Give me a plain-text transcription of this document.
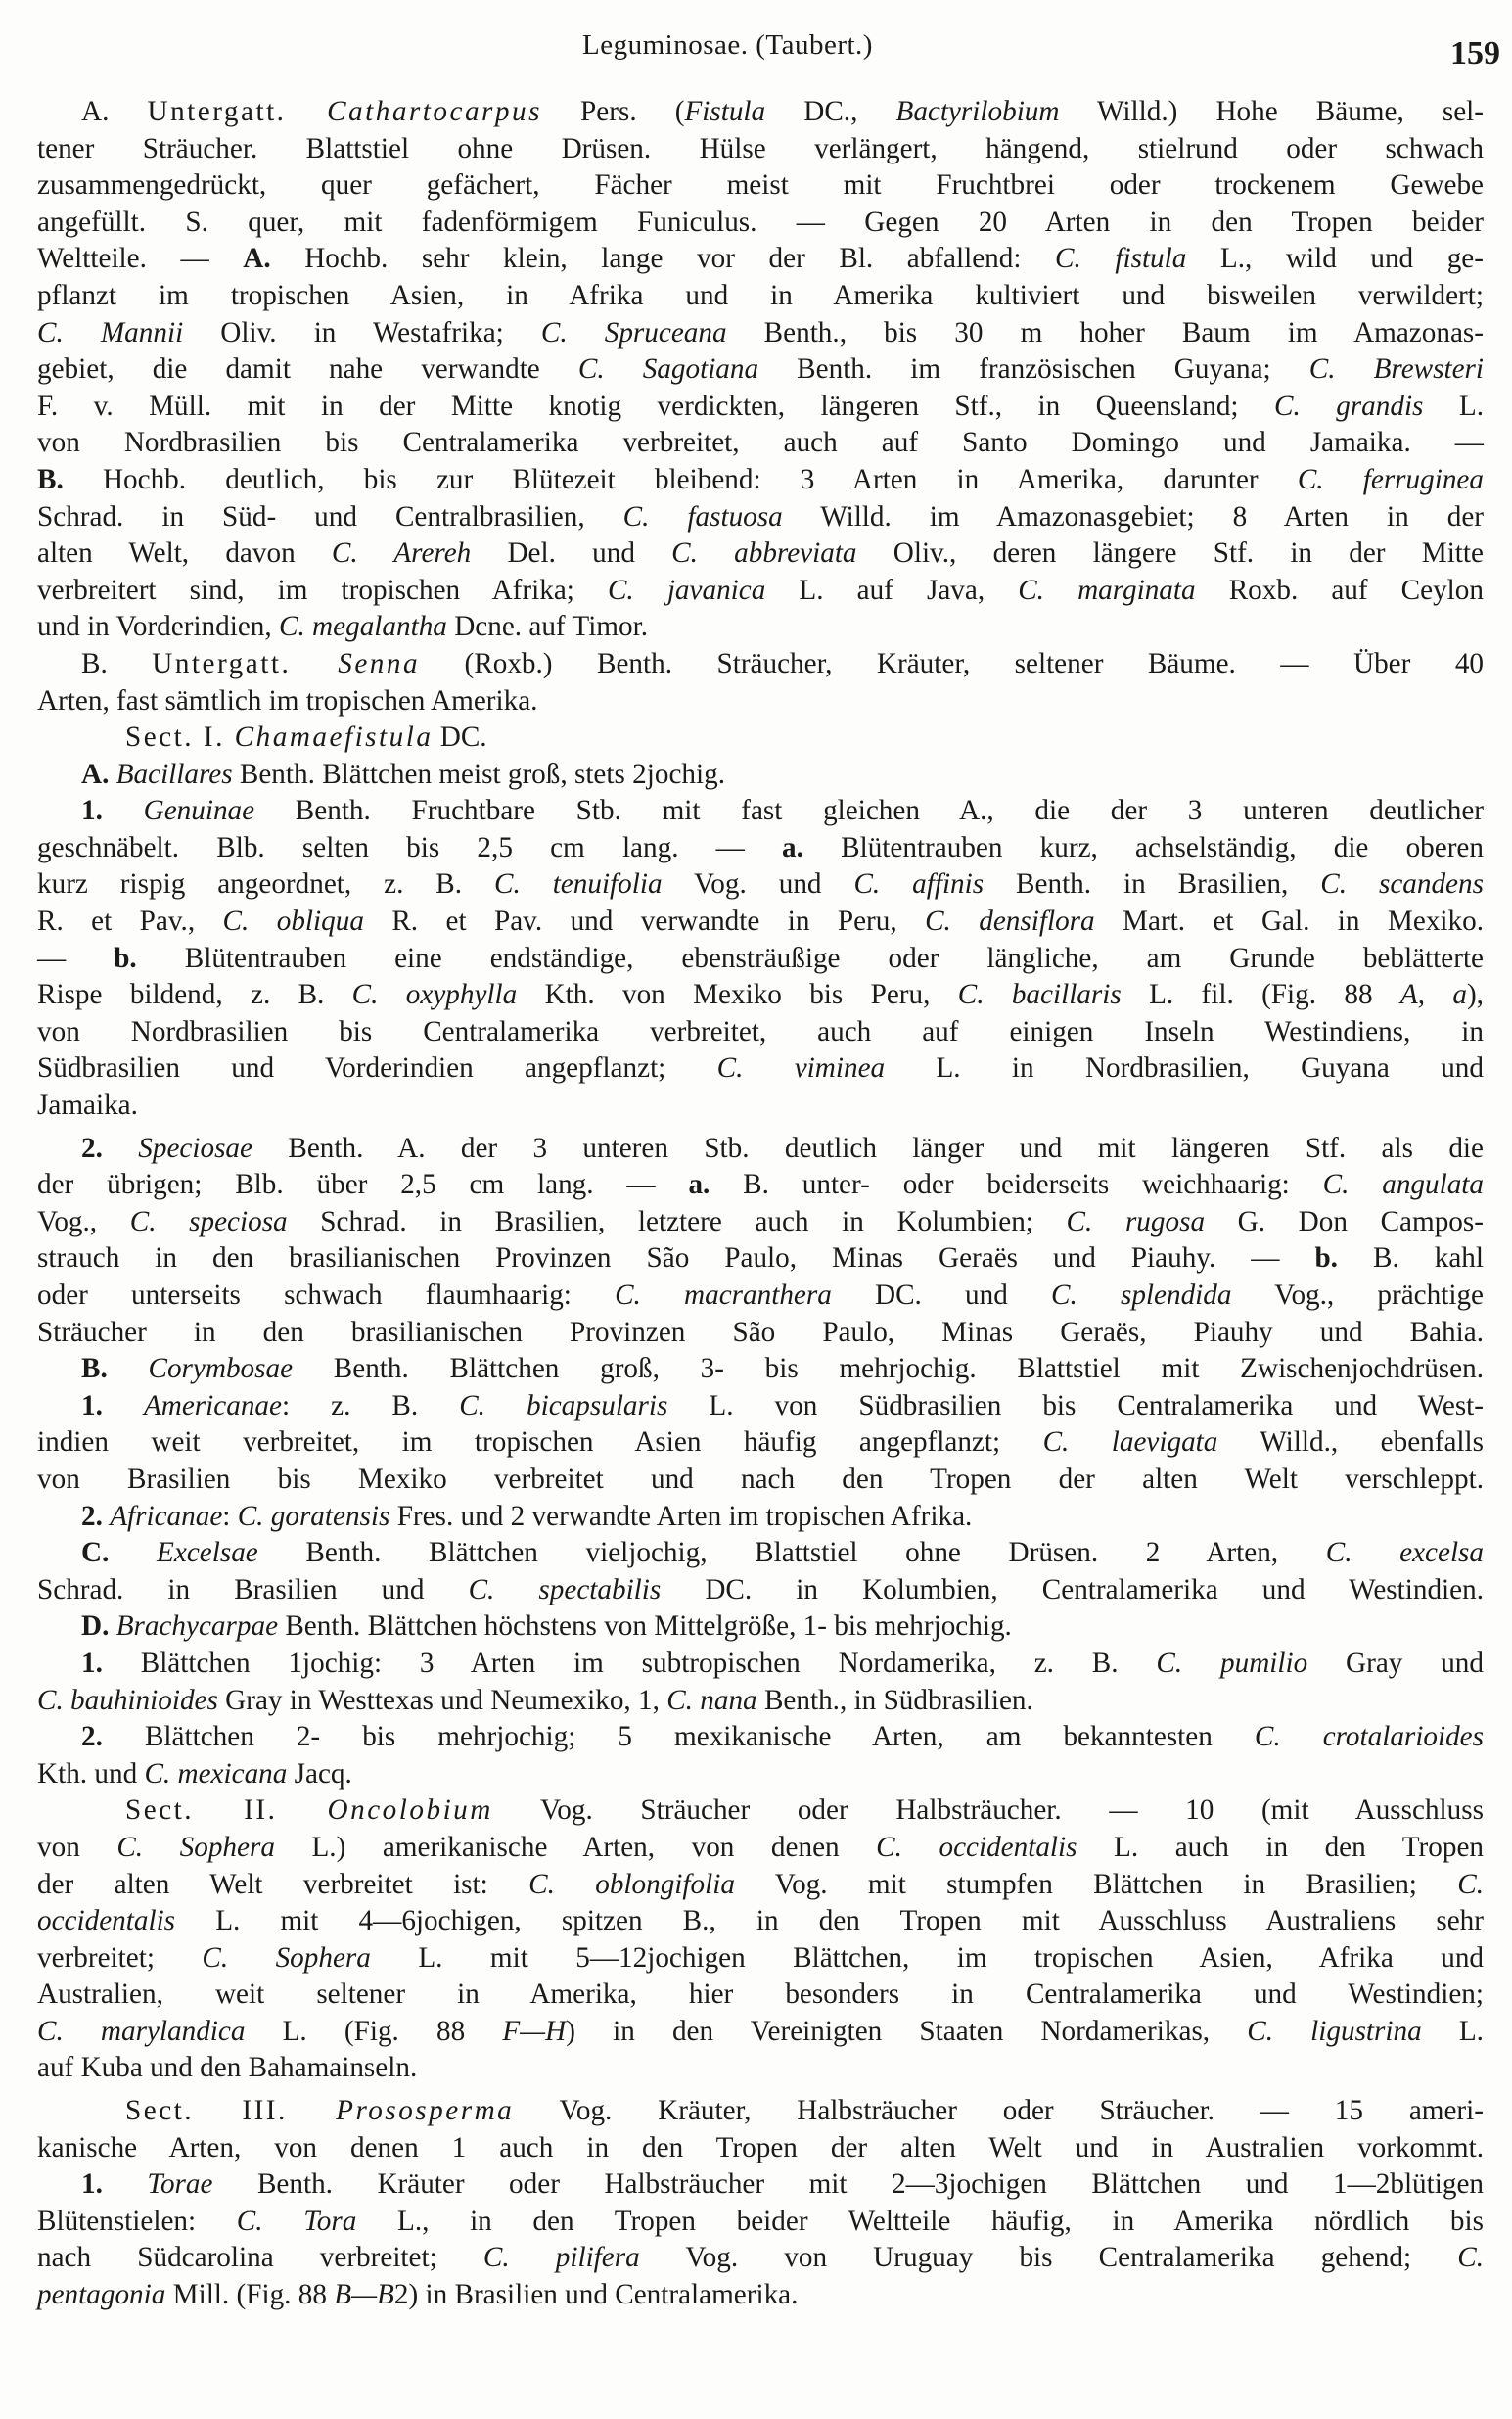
Leguminosae. (Taubert.)	159
A. Untergatt. Cathartocarpus Pers. (Fistula DC., Bactyrilobium Willd.) Hohe Bäume, sel-
tener Sträucher. Blattstiel ohne Drüsen. Hülse verlängert, hängend, stielrund oder schwach
zusammengedrückt, quer gefächert, Fächer meist mit Fruchtbrei oder trockenem Gewebe
angefüllt. S. quer, mit fadenförmigem Funiculus. — Gegen 20 Arten in den Tropen beider
Weltteile. — A. Hochb. sehr klein, lange vor der Bl. abfallend: C. fistula L., wild und ge-
pflanzt im tropischen Asien, in Afrika und in Amerika kultiviert und bisweilen verwildert;
C. Mannii Oliv. in Westafrika; C. Spruceana Benth., bis 30 m hoher Baum im Amazonas-
gebiet, die damit nahe verwandte C. Sagotiana Benth. im französischen Guyana; C. Brewsteri
F. v. Müll. mit in der Mitte knotig verdickten, längeren Stf., in Queensland; C. grandis L.
von Nordbrasilien bis Centralamerika verbreitet, auch auf Santo Domingo und Jamaika. —
B. Hochb. deutlich, bis zur Blütezeit bleibend: 3 Arten in Amerika, darunter C. ferruginea
Schrad. in Süd- und Centralbrasilien, C. fastuosa Willd. im Amazonasgebiet; 8 Arten in der
alten Welt, davon C. Arereh Del. und C. abbreviata Oliv., deren längere Stf. in der Mitte
verbreitert sind, im tropischen Afrika; C. javanica L. auf Java, C. marginata Roxb. auf Ceylon
und in Vorderindien, C. megalantha Dcne. auf Timor.
B. Untergatt. Senna (Roxb.) Benth. Sträucher, Kräuter, seltener Bäume. — Über 40
Arten, fast sämtlich im tropischen Amerika.
Sect. I. Chamaefistula DC.
A. Bacillares Benth. Blättchen meist groß, stets 2jochig.
1. Genuinae Benth. Fruchtbare Stb. mit fast gleichen A., die der 3 unteren deutlicher
geschnäbelt. Blb. selten bis 2,5 cm lang. — a. Blütentrauben kurz, achselständig, die oberen
kurz rispig angeordnet, z. B. C. tenuifolia Vog. und C. affinis Benth. in Brasilien, C. scandens
R. et Pav., C. obliqua R. et Pav. und verwandte in Peru, C. densiflora Mart. et Gal. in Mexiko.
— b. Blütentrauben eine endständige, ebensträußige oder längliche, am Grunde beblätterte
Rispe bildend, z. B. C. oxyphylla Kth. von Mexiko bis Peru, C. bacillaris L. fil. (Fig. 88 A, a),
von Nordbrasilien bis Centralamerika verbreitet, auch auf einigen Inseln Westindiens, in
Südbrasilien und Vorderindien angepflanzt; C. viminea L. in Nordbrasilien, Guyana und
Jamaika.
2. Speciosae Benth. A. der 3 unteren Stb. deutlich länger und mit längeren Stf. als die
der übrigen; Blb. über 2,5 cm lang. — a. B. unter- oder beiderseits weichhaarig: C. angulata
Vog., C. speciosa Schrad. in Brasilien, letztere auch in Kolumbien; C. rugosa G. Don Campos-
strauch in den brasilianischen Provinzen São Paulo, Minas Geraës und Piauhy. — b. B. kahl
oder unterseits schwach flaumhaarig: C. macranthera DC. und C. splendida Vog., prächtige
Sträucher in den brasilianischen Provinzen São Paulo, Minas Geraës, Piauhy und Bahia.
B. Corymbosae Benth. Blättchen groß, 3- bis mehrjochig. Blattstiel mit Zwischenjochdrüsen.
1. Americanae: z. B. C. bicapsularis L. von Südbrasilien bis Centralamerika und West-
indien weit verbreitet, im tropischen Asien häufig angepflanzt; C. laevigata Willd., ebenfalls
von Brasilien bis Mexiko verbreitet und nach den Tropen der alten Welt verschleppt.
2. Africanae: C. goratensis Fres. und 2 verwandte Arten im tropischen Afrika.
C. Excelsae Benth. Blättchen vieljochig, Blattstiel ohne Drüsen. 2 Arten, C. excelsa
Schrad. in Brasilien und C. spectabilis DC. in Kolumbien, Centralamerika und Westindien.
D. Brachycarpae Benth. Blättchen höchstens von Mittelgröße, 1- bis mehrjochig.
1. Blättchen 1jochig: 3 Arten im subtropischen Nordamerika, z. B. C. pumilio Gray und
C. bauhinioides Gray in Westtexas und Neumexiko, 1, C. nana Benth., in Südbrasilien.
2. Blättchen 2- bis mehrjochig; 5 mexikanische Arten, am bekanntesten C. crotalarioides
Kth. und C. mexicana Jacq.
Sect. II. Oncolobium Vog. Sträucher oder Halbsträucher. — 10 (mit Ausschluss
von C. Sophera L.) amerikanische Arten, von denen C. occidentalis L. auch in den Tropen
der alten Welt verbreitet ist: C. oblongifolia Vog. mit stumpfen Blättchen in Brasilien; C.
occidentalis L. mit 4—6jochigen, spitzen B., in den Tropen mit Ausschluss Australiens sehr
verbreitet; C. Sophera L. mit 5—12jochigen Blättchen, im tropischen Asien, Afrika und
Australien, weit seltener in Amerika, hier besonders in Centralamerika und Westindien;
C. marylandica L. (Fig. 88 F—H) in den Vereinigten Staaten Nordamerikas, C. ligustrina L.
auf Kuba und den Bahamainseln.
Sect. III. Prososperma Vog. Kräuter, Halbsträucher oder Sträucher. — 15 ameri-
kanische Arten, von denen 1 auch in den Tropen der alten Welt und in Australien vorkommt.
1. Torae Benth. Kräuter oder Halbsträucher mit 2—3jochigen Blättchen und 1—2blütigen
Blütenstielen: C. Tora L., in den Tropen beider Weltteile häufig, in Amerika nördlich bis
nach Südcarolina verbreitet; C. pilifera Vog. von Uruguay bis Centralamerika gehend; C.
pentagonia Mill. (Fig. 88 B—B2) in Brasilien und Centralamerika.
